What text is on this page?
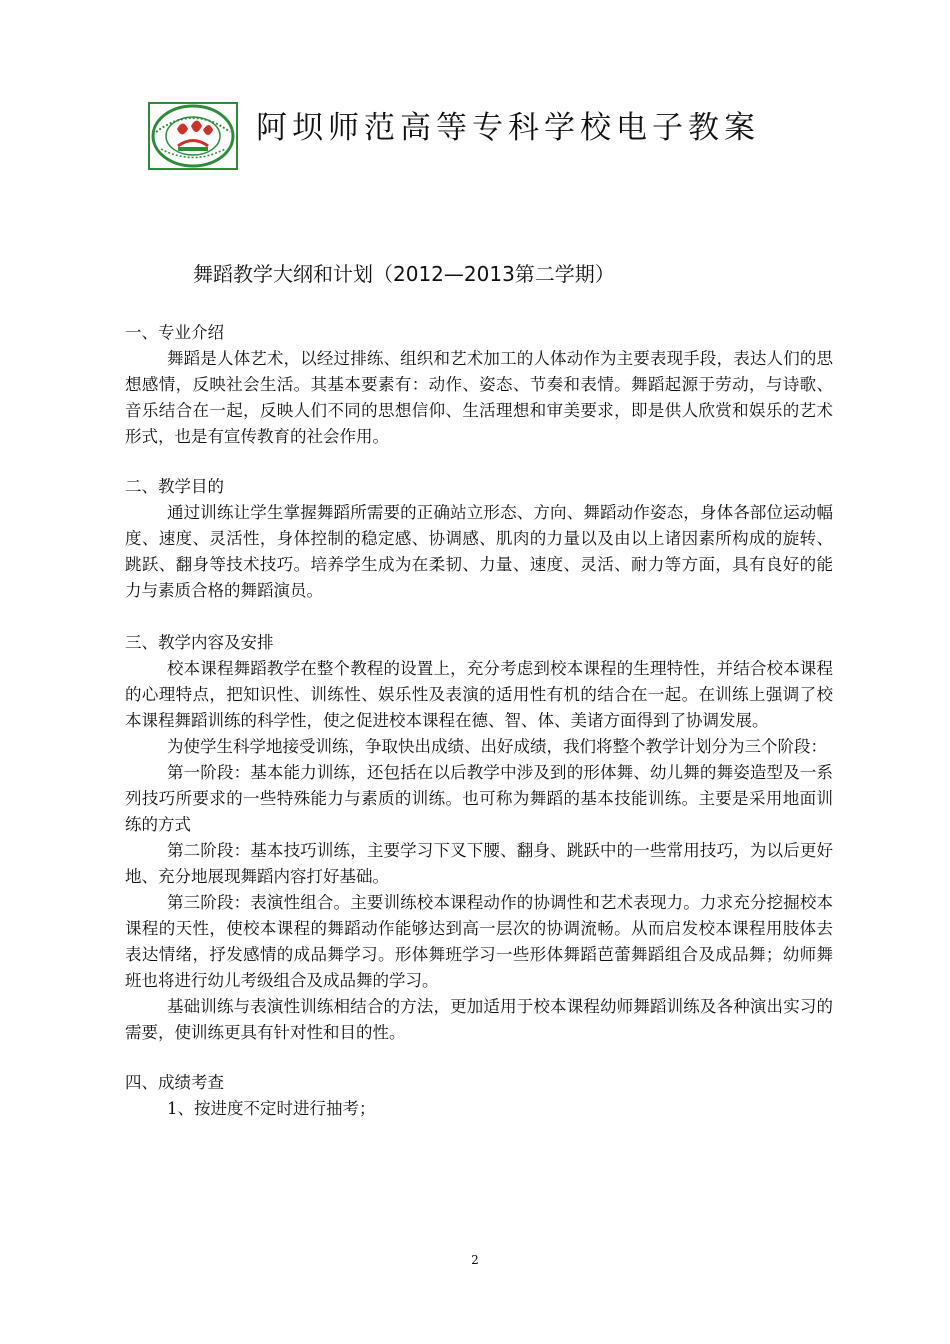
阿坝师范高等专科学校电子教案
舞蹈教学大纲和计划（2012—2013第二学期）

一、专业介绍

舞蹈是人体艺术，以经过排练、组织和艺术加工的人体动作为主要表现手段，表达人们的思想感情，反映社会生活。其基本要素有：动作、姿态、节奏和表情。舞蹈起源于劳动，与诗歌、音乐结合在一起，反映人们不同的思想信仰、生活理想和审美要求，即是供人欣赏和娱乐的艺术形式，也是有宣传教育的社会作用。

二、教学目的

通过训练让学生掌握舞蹈所需要的正确站立形态、方向、舞蹈动作姿态，身体各部位运动幅度、速度、灵活性，身体控制的稳定感、协调感、肌肉的力量以及由以上诸因素所构成的旋转、跳跃、翻身等技术技巧。培养学生成为在柔韧、力量、速度、灵活、耐力等方面，具有良好的能力与素质合格的舞蹈演员。

三、教学内容及安排

校本课程舞蹈教学在整个教程的设置上，充分考虑到校本课程的生理特性，并结合校本课程的心理特点，把知识性、训练性、娱乐性及表演的适用性有机的结合在一起。在训练上强调了校本课程舞蹈训练的科学性，使之促进校本课程在德、智、体、美诸方面得到了协调发展。

为使学生科学地接受训练，争取快出成绩、出好成绩，我们将整个教学计划分为三个阶段：

第一阶段：基本能力训练，还包括在以后教学中涉及到的形体舞、幼儿舞的舞姿造型及一系列技巧所要求的一些特殊能力与素质的训练。也可称为舞蹈的基本技能训练。主要是采用地面训练的方式

第二阶段：基本技巧训练，主要学习下叉下腰、翻身、跳跃中的一些常用技巧，为以后更好地、充分地展现舞蹈内容打好基础。

第三阶段：表演性组合。主要训练校本课程动作的协调性和艺术表现力。力求充分挖掘校本课程的天性，使校本课程的舞蹈动作能够达到高一层次的协调流畅。从而启发校本课程用肢体去表达情绪，抒发感情的成品舞学习。形体舞班学习一些形体舞蹈芭蕾舞蹈组合及成品舞；幼师舞班也将进行幼儿考级组合及成品舞的学习。

基础训练与表演性训练相结合的方法，更加适用于校本课程幼师舞蹈训练及各种演出实习的需要，使训练更具有针对性和目的性。

四、成绩考查

1、按进度不定时进行抽考；

2
